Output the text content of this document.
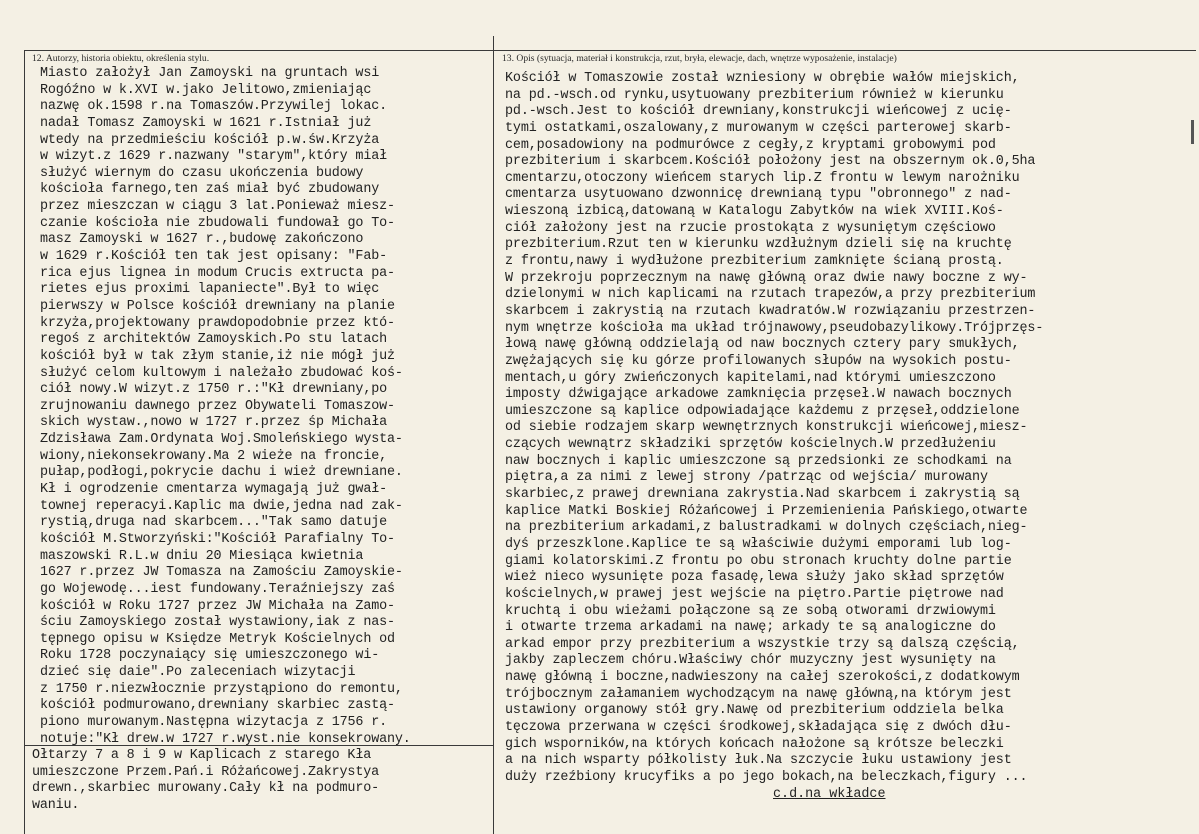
12. Autorzy, historia obiektu, określenia stylu.	13. Opis (sytuacja, materiał i konstrukcja, rzut, bryła, elewacje, dach, wnętrze wyposażenie, instalacje)
Miasto założył Jan Zamoyski na gruntach wsi
Rogóźno w k.XVI w.jako Jelitowo,zmieniając
nazwę ok.1598 r.na Tomaszów.Przywilej lokac.
nadał Tomasz Zamoyski w 1621 r.Istniał już
wtedy na przedmieściu kościół p.w.św.Krzyża
w wizyt.z 1629 r.nazwany "starym",który miał
służyć wiernym do czasu ukończenia budowy
kościoła farnego,ten zaś miał być zbudowany
przez mieszczan w ciągu 3 lat.Ponieważ miesz-
czanie kościoła nie zbudowali fundował go To-
masz Zamoyski w 1627 r.,budowę zakończono
w 1629 r.Kościół ten tak jest opisany: "Fab-
rica ejus lignea in modum Crucis extructa pa-
rietes ejus proximi lapaniecte".Był to więc
pierwszy w Polsce kościół drewniany na planie
krzyża,projektowany prawdopodobnie przez któ-
regoś z architektów Zamoyskich.Po stu latach
kościół był w tak złym stanie,iż nie mógł już
służyć celom kultowym i należało zbudować koś-
ciół nowy.W wizyt.z 1750 r.:"Kł drewniany,po
zrujnowaniu dawnego przez Obywateli Tomaszow-
skich wystaw.,nowo w 1727 r.przez śp Michała
Zdzisława Zam.Ordynata Woj.Smoleńskiego wysta-
wiony,niekonsekrowany.Ma 2 wieże na froncie,
pułap,podłogi,pokrycie dachu i wież drewniane.
Kł i ogrodzenie cmentarza wymagają już gwał-
townej reperacyi.Kaplic ma dwie,jedna nad zak-
rystią,druga nad skarbcem..."Tak samo datuje
kościół M.Stworzyński:"Kościół Parafialny To-
maszowski R.L.w dniu 20 Miesiąca kwietnia
1627 r.przez JW Tomasza na Zamościu Zamoyskie-
go Wojewodę...iest fundowany.Teraźniejszy zaś
kościół w Roku 1727 przez JW Michała na Zamo-
ściu Zamoyskiego został wystawiony,iak z nas-
tępnego opisu w Księdze Metryk Kościelnych od
Roku 1728 poczynaiący się umieszczonego wi-
dzieć się daie".Po zaleceniach wizytacji
z 1750 r.niezwłocznie przystąpiono do remontu,
kościół podmurowano,drewniany skarbiec zastą-
piono murowanym.Następna wizytacja z 1756 r.
notuje:"Kł drew.w 1727 r.wyst.nie konsekrowany.
Ołtarzy 7 a 8 i 9 w Kaplicach z starego Kła
umieszczone Przem.Pań.i Różańcowej.Zakrystya
drewn.,skarbiec murowany.Cały kł na podmuro-
waniu.
Kościół w Tomaszowie został wzniesiony w obrębie wałów miejskich,
na pd.-wsch.od rynku,usytuowany prezbiterium również w kierunku
pd.-wsch.Jest to kościół drewniany,konstrukcji wieńcowej z ucię-
tymi ostatkami,oszalowany,z murowanym w części parterowej skarb-
cem,posadowiony na podmurówce z cegły,z kryptami grobowymi pod
prezbiterium i skarbcem.Kościół położony jest na obszernym ok.0,5ha
cmentarzu,otoczony wieńcem starych lip.Z frontu w lewym narożniku
cmentarza usytuowano dzwonnicę drewnianą typu "obronnego" z nad-
wieszoną izbicą,datowaną w Katalogu Zabytków na wiek XVIII.Koś-
ciół założony jest na rzucie prostokąta z wysuniętym częściowo
prezbiterium.Rzut ten w kierunku wzdłużnym dzieli się na kruchtę
z frontu,nawy i wydłużone prezbiterium zamknięte ścianą prostą.
W przekroju poprzecznym na nawę główną oraz dwie nawy boczne z wy-
dzielonymi w nich kaplicami na rzutach trapezów,a przy prezbiterium
skarbcem i zakrystią na rzutach kwadratów.W rozwiązaniu przestrzen-
nym wnętrze kościoła ma układ trójnawowy,pseudobazylikowy.Trójprzęs-
łową nawę główną oddzielają od naw bocznych cztery pary smukłych,
zwężających się ku górze profilowanych słupów na wysokich postu-
mentach,u góry zwieńczonych kapitelami,nad którymi umieszczono
imposty dźwigające arkadowe zamknięcia przęseł.W nawach bocznych
umieszczone są kaplice odpowiadające każdemu z przęseł,oddzielone
od siebie rodzajem skarp wewnętrznych konstrukcji wieńcowej,miesz-
czących wewnątrz składziki sprzętów kościelnych.W przedłużeniu
naw bocznych i kaplic umieszczone są przedsionki ze schodkami na
piętra,a za nimi z lewej strony /patrząc od wejścia/ murowany
skarbiec,z prawej drewniana zakrystia.Nad skarbcem i zakrystią są
kaplice Matki Boskiej Różańcowej i Przemienienia Pańskiego,otwarte
na prezbiterium arkadami,z balustradkami w dolnych częściach,nieg-
dyś przeszklone.Kaplice te są właściwie dużymi emporami lub log-
giami kolatorskimi.Z frontu po obu stronach kruchty dolne partie
wież nieco wysunięte poza fasadę,lewa służy jako skład sprzętów
kościelnych,w prawej jest wejście na piętro.Partie piętrowe nad
kruchtą i obu wieżami połączone są ze sobą otworami drzwiowymi
i otwarte trzema arkadami na nawę; arkady te są analogiczne do
arkad empor przy prezbiterium a wszystkie trzy są dalszą częścią,
jakby zapleczem chóru.Właściwy chór muzyczny jest wysunięty na
nawę główną i boczne,nadwieszony na całej szerokości,z dodatkowym
trójbocznym załamaniem wychodzącym na nawę główną,na którym jest
ustawiony organowy stół gry.Nawę od prezbiterium oddziela belka
tęczowa przerwana w części środkowej,składająca się z dwóch dłu-
gich wsporników,na których końcach nałożone są krótsze beleczki
a na nich wsparty półkolisty łuk.Na szczycie łuku ustawiony jest
duży rzeźbiony krucyfiks a po jego bokach,na beleczkach,figury ...
c.d.na wkładce
